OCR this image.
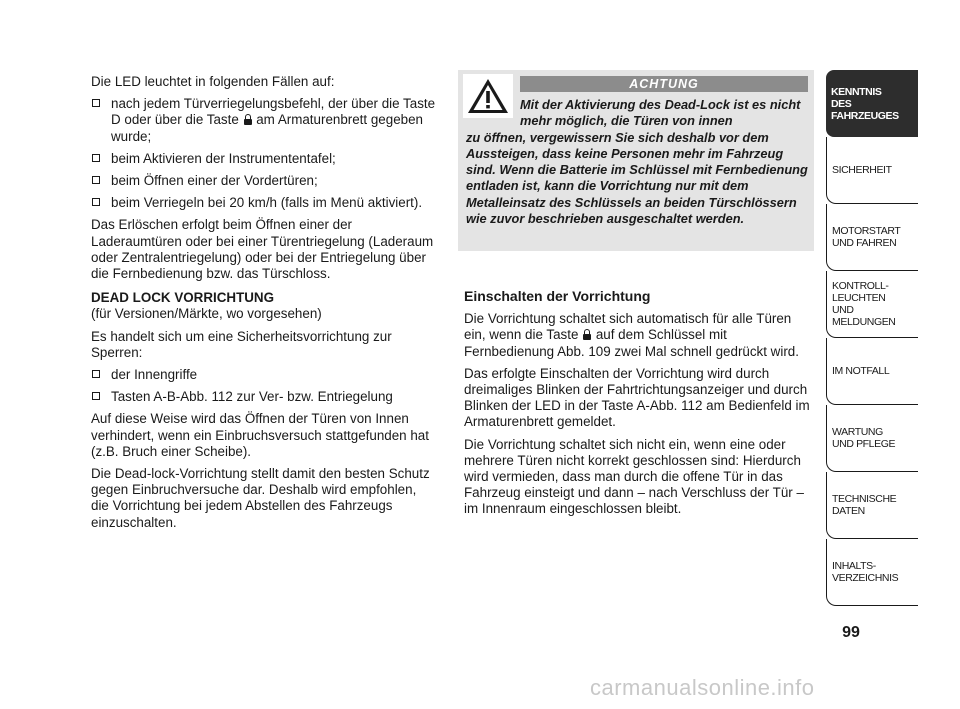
Die LED leuchtet in folgenden Fällen auf:

nach jedem Türverriegelungsbefehl, der über die Taste D oder über die Taste  am Armaturenbrett gegeben wurde;
beim Aktivieren der Instrumententafel;
beim Öffnen einer der Vordertüren;
beim Verriegeln bei 20 km/h (falls im Menü aktiviert).

Das Erlöschen erfolgt beim Öffnen einer der Laderaumtüren oder bei einer Türentriegelung (Laderaum oder Zentralentriegelung) oder bei der Entriegelung über die Fernbedienung bzw. das Türschloss.

DEAD LOCK VORRICHTUNG

(für Versionen/Märkte, wo vorgesehen)

Es handelt sich um eine Sicherheitsvorrichtung zur Sperren:

der Innengriffe
Tasten A-B-Abb. 112 zur Ver- bzw. Entriegelung

Auf diese Weise wird das Öffnen der Türen von Innen verhindert, wenn ein Einbruchsversuch stattgefunden hat (z.B. Bruch einer Scheibe).

Die Dead-lock-Vorrichtung stellt damit den besten Schutz gegen Einbruchversuche dar. Deshalb wird empfohlen, die Vorrichtung bei jedem Abstellen des Fahrzeugs einzuschalten.

ACHTUNG
Mit der Aktivierung des Dead-Lock ist es nicht mehr möglich, die Türen von innen
zu öffnen, vergewissern Sie sich deshalb vor dem Aussteigen, dass keine Personen mehr im Fahrzeug sind. Wenn die Batterie im Schlüssel mit Fernbedienung entladen ist, kann die Vorrichtung nur mit dem Metalleinsatz des Schlüssels an beiden Türschlössern wie zuvor beschrieben ausgeschaltet werden.

Einschalten der Vorrichtung

Die Vorrichtung schaltet sich automatisch für alle Türen ein, wenn die Taste  auf dem Schlüssel mit Fernbedienung Abb. 109 zwei Mal schnell gedrückt wird.

Das erfolgte Einschalten der Vorrichtung wird durch dreimaliges Blinken der Fahrtrichtungsanzeiger und durch Blinken der LED in der Taste A-Abb. 112 am Bedienfeld im Armaturenbrett gemeldet.

Die Vorrichtung schaltet sich nicht ein, wenn eine oder mehrere Türen nicht korrekt geschlossen sind: Hierdurch wird vermieden, dass man durch die offene Tür in das Fahrzeug einsteigt und dann – nach Verschluss der Tür – im Innenraum eingeschlossen bleibt.

KENNTNIS
DES FAHRZEUGES
SICHERHEIT
MOTORSTART
UND FAHREN
KONTROLL-
LEUCHTEN
UND MELDUNGEN
IM NOTFALL
WARTUNG
UND PFLEGE
TECHNISCHE
DATEN
INHALTS-
VERZEICHNIS
99
carmanualsonline.info
